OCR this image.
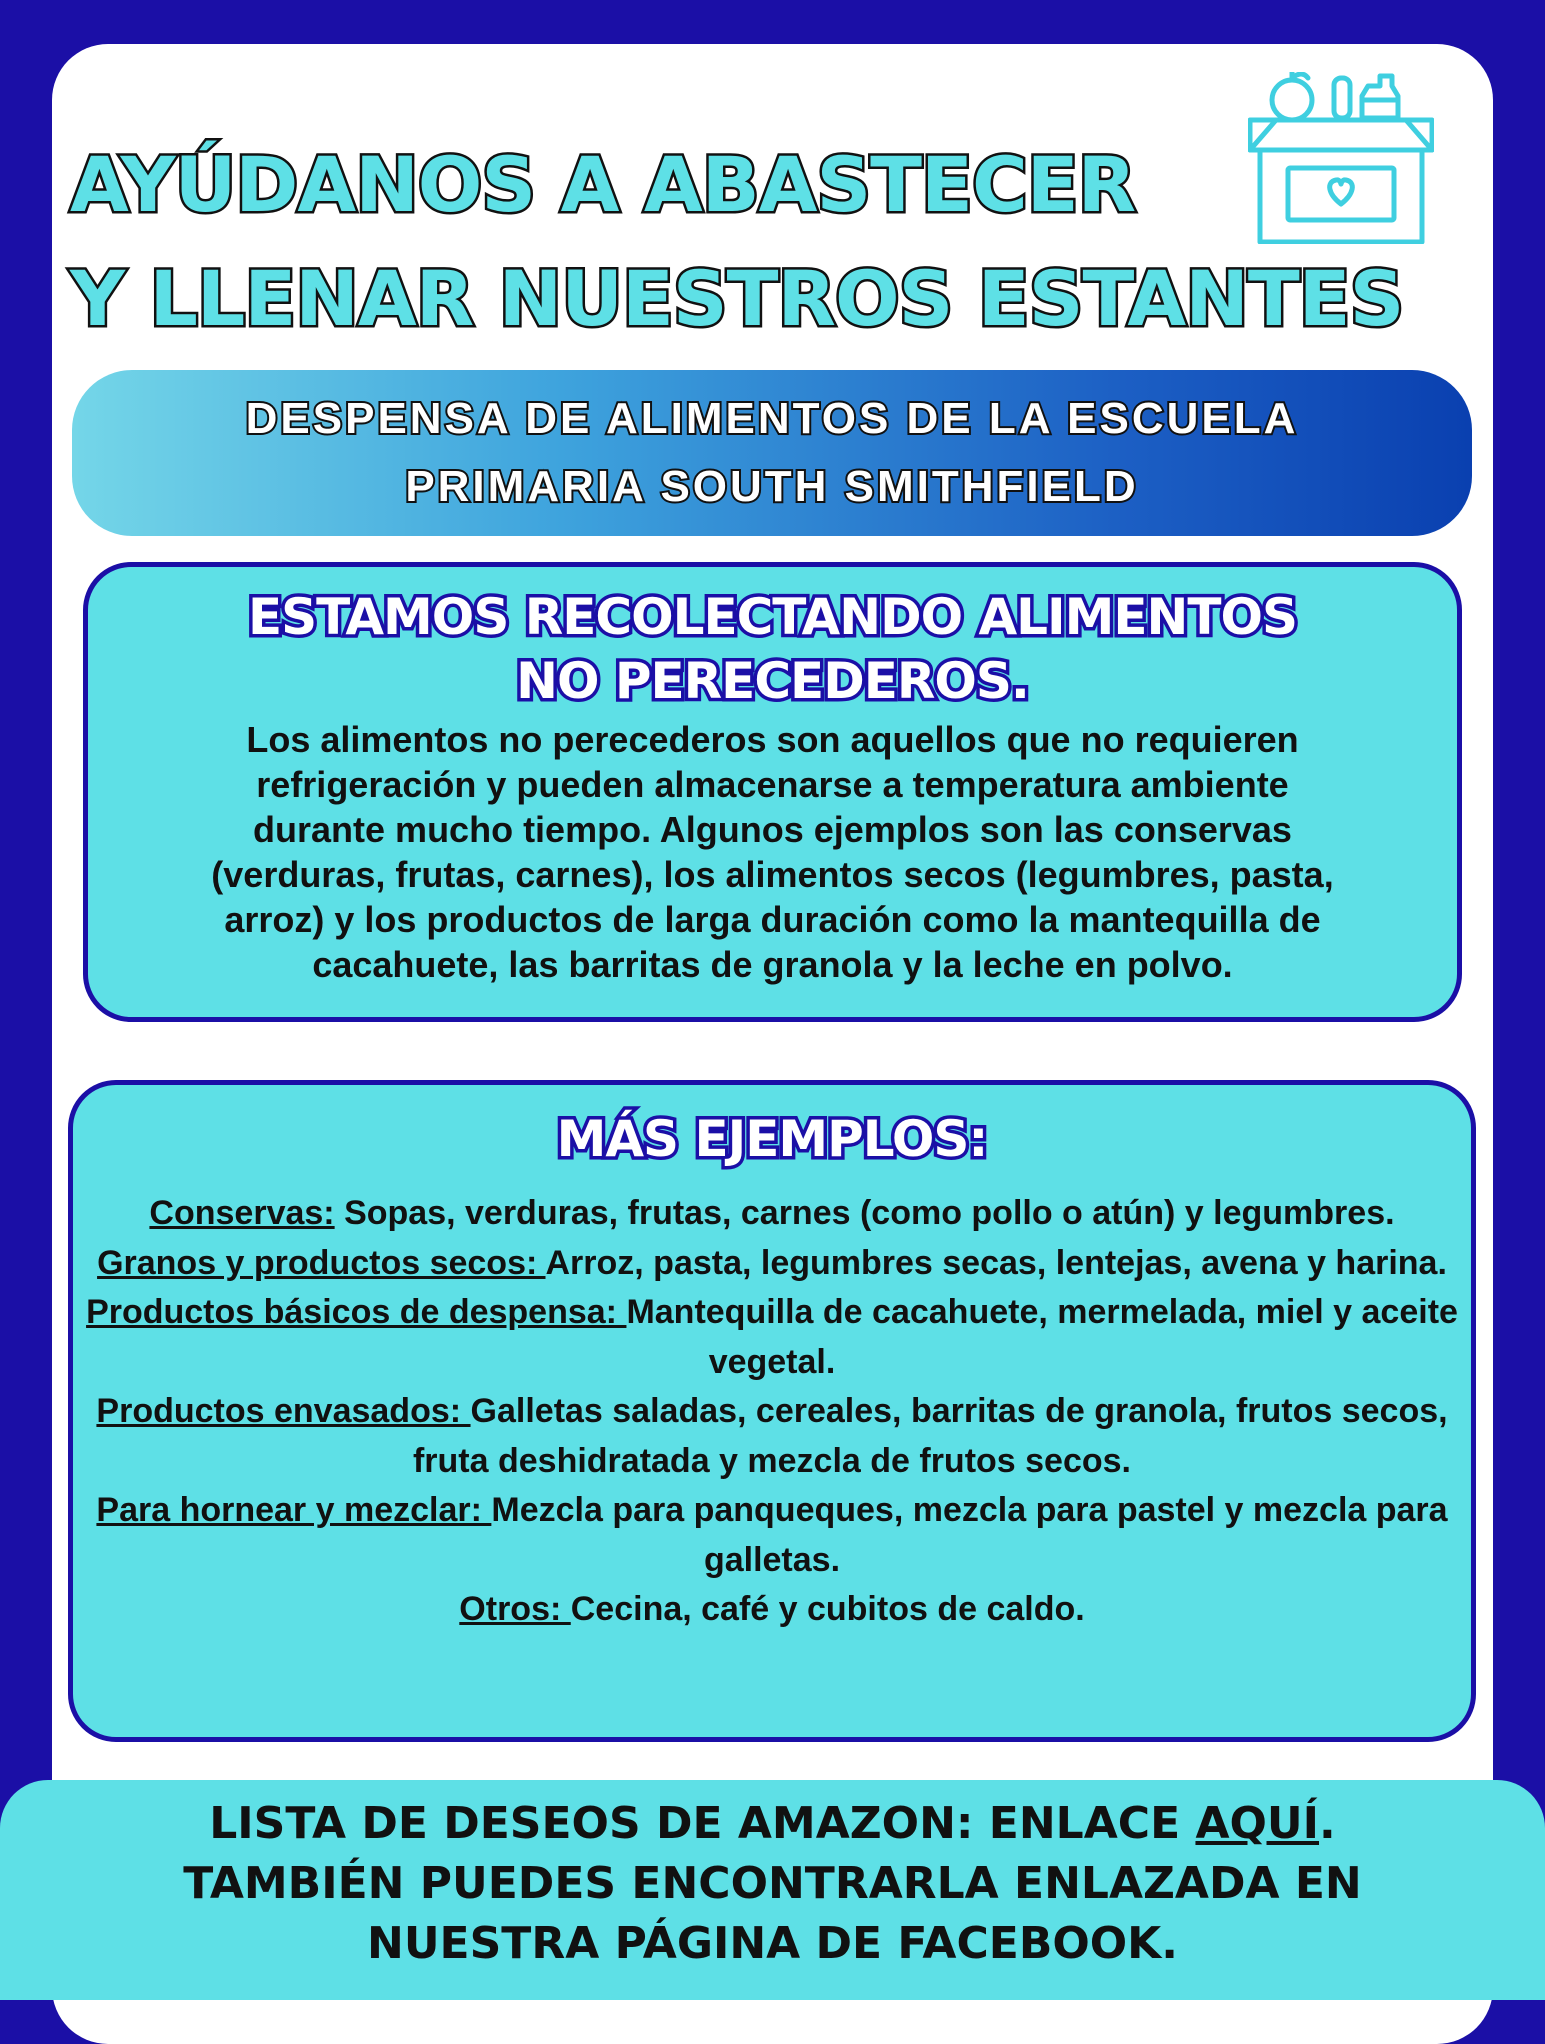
AYÚDANOS A ABASTECER
Y LLENAR NUESTROS ESTANTES
DESPENSA DE ALIMENTOS DE LA ESCUELA
PRIMARIA SOUTH SMITHFIELD
ESTAMOS RECOLECTANDO ALIMENTOS
NO PERECEDEROS.
Los alimentos no perecederos son aquellos que no requieren
refrigeración y pueden almacenarse a temperatura ambiente
durante mucho tiempo. Algunos ejemplos son las conservas
(verduras, frutas, carnes), los alimentos secos (legumbres, pasta,
arroz) y los productos de larga duración como la mantequilla de
cacahuete, las barritas de granola y la leche en polvo.
MÁS EJEMPLOS:
Conservas: Sopas, verduras, frutas, carnes (como pollo o atún) y legumbres.
Granos y productos secos: Arroz, pasta, legumbres secas, lentejas, avena y harina.
Productos básicos de despensa: Mantequilla de cacahuete, mermelada, miel y aceite vegetal.
Productos envasados: Galletas saladas, cereales, barritas de granola, frutos secos, fruta deshidratada y mezcla de frutos secos.
Para hornear y mezclar: Mezcla para panqueques, mezcla para pastel y mezcla para galletas.
Otros: Cecina, café y cubitos de caldo.
LISTA DE DESEOS DE AMAZON: ENLACE AQUÍ.
TAMBIÉN PUEDES ENCONTRARLA ENLAZADA EN
NUESTRA PÁGINA DE FACEBOOK.
